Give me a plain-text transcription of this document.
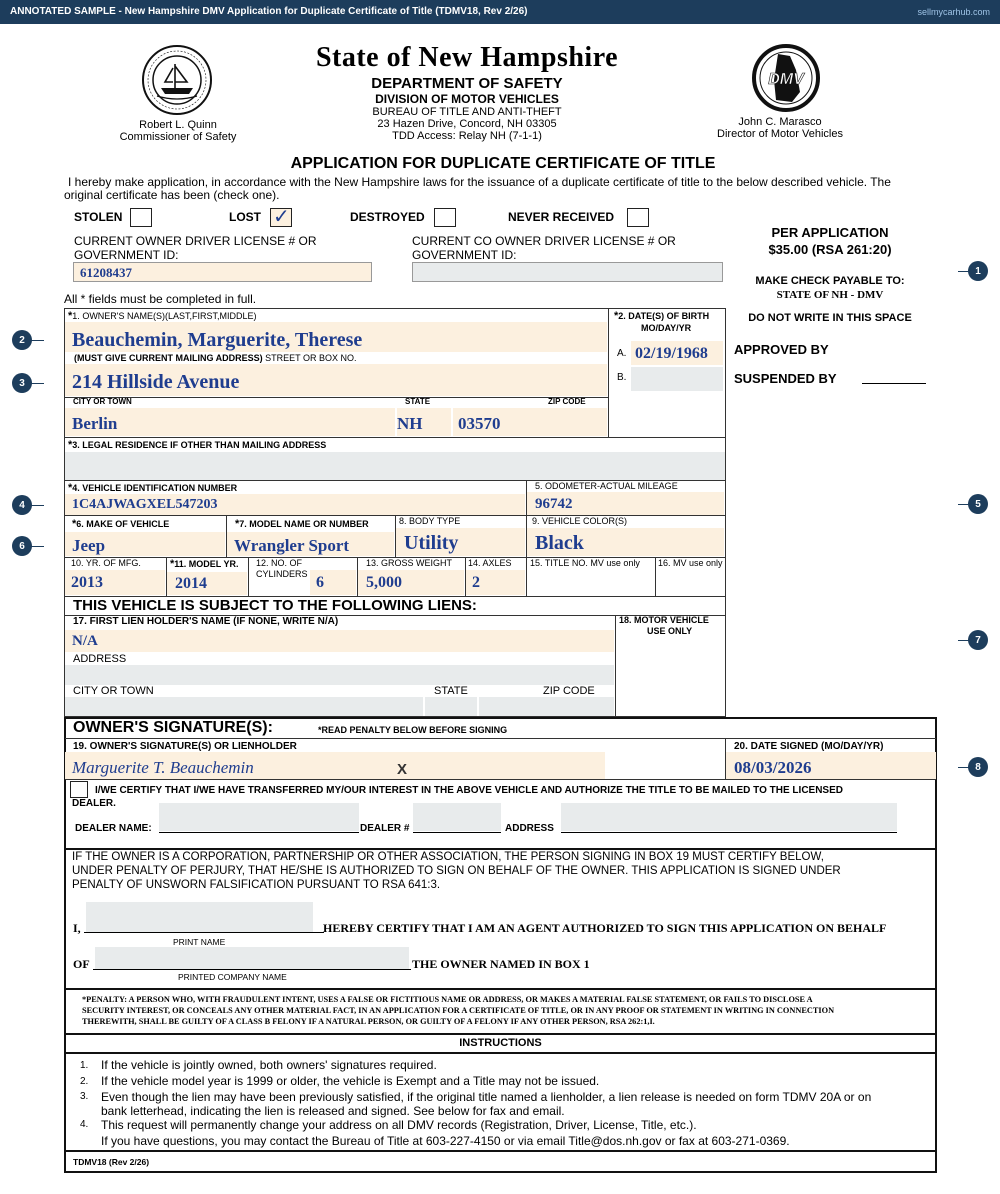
ANNOTATED SAMPLE - New Hampshire DMV Application for Duplicate Certificate of Title (TDMV18, Rev 2/26)	sellmycarhub.com
DMV
State of New Hampshire
DEPARTMENT OF SAFETY
DIVISION OF MOTOR VEHICLES
BUREAU OF TITLE AND ANTI-THEFT
23 Hazen Drive, Concord, NH 03305
TDD Access: Relay NH (7-1-1)
Robert L. Quinn
Commissioner of Safety
John C. Marasco
Director of Motor Vehicles
APPLICATION FOR DUPLICATE CERTIFICATE OF TITLE
I hereby make application, in accordance with the New Hampshire laws for the issuance of a duplicate certificate of title to the below described vehicle. The
original certificate has been (check one).
STOLEN	LOST ✓	DESTROYED	NEVER RECEIVED
CURRENT OWNER DRIVER LICENSE # OR
GOVERNMENT ID:
61208437
CURRENT CO OWNER DRIVER LICENSE # OR
GOVERNMENT ID:
All * fields must be completed in full.
PER APPLICATION
$35.00 (RSA 261:20)
MAKE CHECK PAYABLE TO:
STATE OF NH - DMV
DO NOT WRITE IN THIS SPACE
APPROVED BY
SUSPENDED BY
*1. OWNER'S NAME(S)(LAST,FIRST,MIDDLE)
Beauchemin, Marguerite, Therese
(MUST GIVE CURRENT MAILING ADDRESS) STREET OR BOX NO.
214 Hillside Avenue
CITY OR TOWN	STATE	ZIP CODE
Berlin	NH 03570
*2. DATE(S) OF BIRTH
MO/DAY/YR
A. 02/19/1968
B.
*3. LEGAL RESIDENCE IF OTHER THAN MAILING ADDRESS
*4. VEHICLE IDENTIFICATION NUMBER
1C4AJWAGXEL547203
5. ODOMETER-ACTUAL MILEAGE
96742
*6. MAKE OF VEHICLE
Jeep
*7. MODEL NAME OR NUMBER
Wrangler Sport
8. BODY TYPE
Utility
9. VEHICLE COLOR(S)
Black
10. YR. OF MFG.
2013
*11. MODEL YR.
2014
12. NO. OF
CYLINDERS 6
13. GROSS WEIGHT
5,000
14. AXLES
2
15. TITLE NO. MV use only 16. MV use only
THIS VEHICLE IS SUBJECT TO THE FOLLOWING LIENS:
17. FIRST LIEN HOLDER'S NAME (IF NONE, WRITE N/A)
N/A
ADDRESS
CITY OR TOWN	STATE	ZIP CODE
18. MOTOR VEHICLE
USE ONLY
OWNER'S SIGNATURE(S):	*READ PENALTY BELOW BEFORE SIGNING
19. OWNER'S SIGNATURE(S) OR LIENHOLDER
Marguerite T. Beauchemin	X
20. DATE SIGNED (MO/DAY/YR)
08/03/2026
I/WE CERTIFY THAT I/WE HAVE TRANSFERRED MY/OUR INTEREST IN THE ABOVE VEHICLE AND AUTHORIZE THE TITLE TO BE MAILED TO THE LICENSED
DEALER.
DEALER NAME:	DEALER #	ADDRESS
IF THE OWNER IS A CORPORATION, PARTNERSHIP OR OTHER ASSOCIATION, THE PERSON SIGNING IN BOX 19 MUST CERTIFY BELOW,
UNDER PENALTY OF PERJURY, THAT HE/SHE IS AUTHORIZED TO SIGN ON BEHALF OF THE OWNER. THIS APPLICATION IS SIGNED UNDER
PENALTY OF UNSWORN FALSIFICATION PURSUANT TO RSA 641:3.
I,	HEREBY CERTIFY THAT I AM AN AGENT AUTHORIZED TO SIGN THIS APPLICATION ON BEHALF
PRINT NAME
OF	THE OWNER NAMED IN BOX 1
PRINTED COMPANY NAME
*PENALTY: A PERSON WHO, WITH FRAUDULENT INTENT, USES A FALSE OR FICTITIOUS NAME OR ADDRESS, OR MAKES A MATERIAL FALSE STATEMENT, OR FAILS TO DISCLOSE A
SECURITY INTEREST, OR CONCEALS ANY OTHER MATERIAL FACT, IN AN APPLICATION FOR A CERTIFICATE OF TITLE, OR IN ANY PROOF OR STATEMENT IN WRITING IN CONNECTION
THEREWITH, SHALL BE GUILTY OF A CLASS B FELONY IF A NATURAL PERSON, OR GUILTY OF A FELONY IF ANY OTHER PERSON, RSA 262:1,I.
INSTRUCTIONS
1. If the vehicle is jointly owned, both owners' signatures required.
2. If the vehicle model year is 1999 or older, the vehicle is Exempt and a Title may not be issued.
3. Even though the lien may have been previously satisfied, if the original title named a lienholder, a lien release is needed on form TDMV 20A or on
bank letterhead, indicating the lien is released and signed. See below for fax and email.
4. This request will permanently change your address on all DMV records (Registration, Driver, License, Title, etc.).
If you have questions, you may contact the Bureau of Title at 603-227-4150 or via email Title@dos.nh.gov or fax at 603-271-0369.
TDMV18 (Rev 2/26)
1
2
3
4	5
6
7
8
